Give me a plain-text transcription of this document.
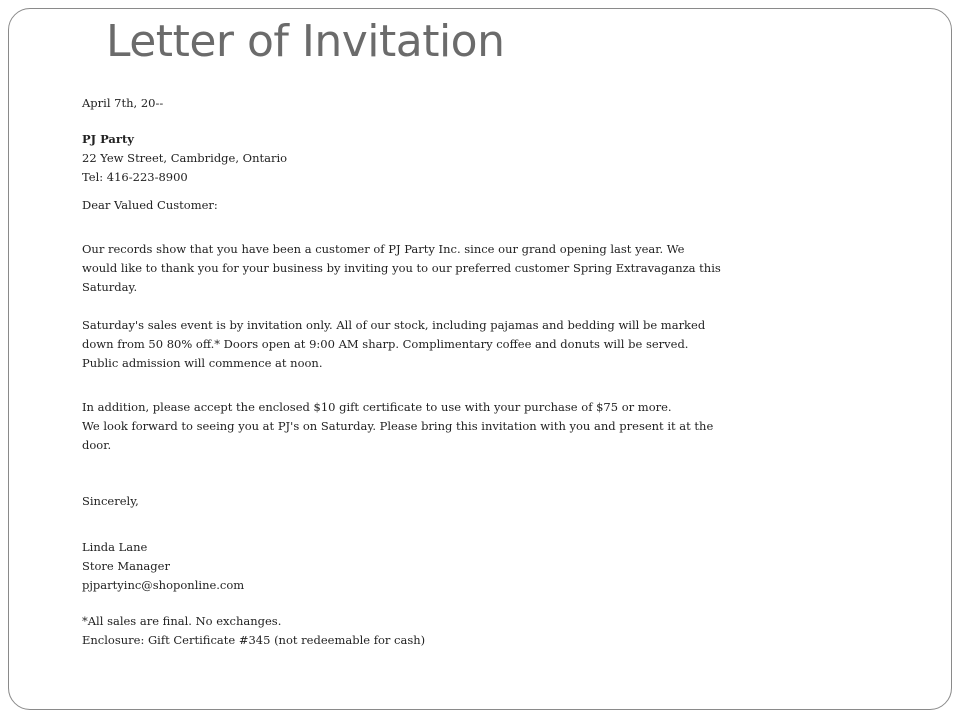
Letter of Invitation

April 7th, 20--

PJ Party

22 Yew Street, Cambridge, Ontario

Tel: 416-223-8900

Dear Valued Customer:

Our records show that you have been a customer of PJ Party Inc. since our grand opening last year. We would like to thank you for your business by inviting you to our preferred customer Spring Extravaganza this Saturday.

Saturday's sales event is by invitation only. All of our stock, including pajamas and bedding will be marked down from 50 80% off.* Doors open at 9:00 AM sharp. Complimentary coffee and donuts will be served. Public admission will commence at noon.

In addition, please accept the enclosed $10 gift certificate to use with your purchase of $75 or more.

We look forward to seeing you at PJ's on Saturday. Please bring this invitation with you and present it at the door.

Sincerely,

Linda Lane

Store Manager

pjpartyinc@shoponline.com

*All sales are final. No exchanges.

Enclosure: Gift Certificate #345 (not redeemable for cash)
